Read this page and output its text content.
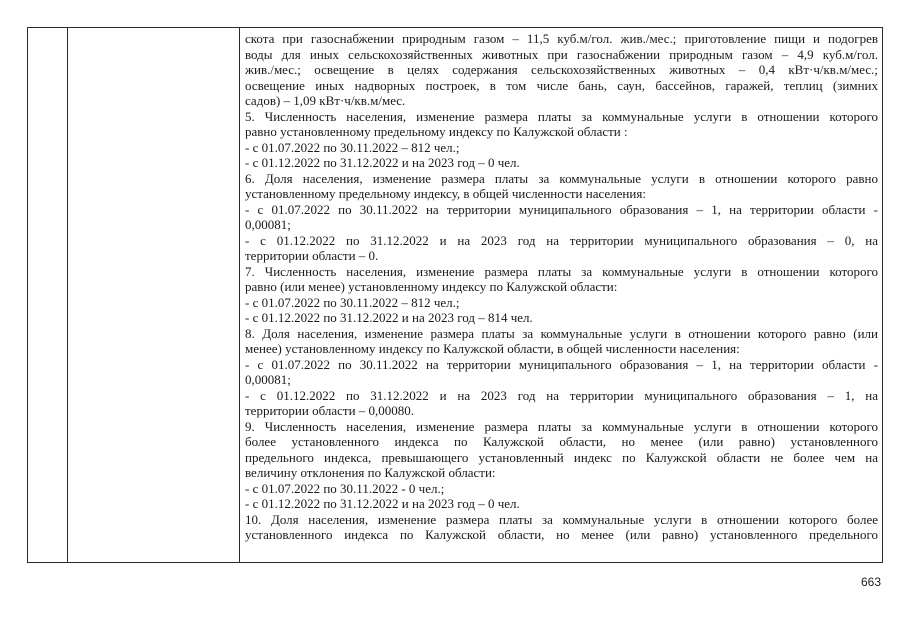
скота при газоснабжении природным газом – 11,5 куб.м/гол. жив./мес.; приготовление пищи и подогрев
воды для иных сельскохозяйственных животных при газоснабжении природным газом – 4,9 куб.м/гол.
жив./мес.; освещение в целях содержания сельскохозяйственных животных – 0,4 кВт·ч/кв.м/мес.;
освещение иных надворных построек, в том числе бань, саун, бассейнов, гаражей, теплиц (зимних
садов) – 1,09 кВт·ч/кв.м/мес.
5. Численность населения, изменение размера платы за коммунальные услуги в отношении которого
равно установленному предельному индексу по Калужской области :
- с 01.07.2022 по 30.11.2022 – 812 чел.;
- с 01.12.2022 по 31.12.2022 и на 2023 год – 0 чел.
6. Доля населения, изменение размера платы за коммунальные услуги в отношении которого равно
установленному предельному индексу, в общей численности населения:
- с 01.07.2022 по 30.11.2022 на территории муниципального образования – 1, на территории области -
0,00081;
- с 01.12.2022 по 31.12.2022 и на 2023 год на территории муниципального образования – 0, на
территории области – 0.
7. Численность населения, изменение размера платы за коммунальные услуги в отношении которого
равно (или менее) установленному индексу по Калужской области:
- с 01.07.2022 по 30.11.2022 – 812 чел.;
- с 01.12.2022 по 31.12.2022 и на 2023 год – 814 чел.
8. Доля населения, изменение размера платы за коммунальные услуги в отношении которого равно (или
менее) установленному индексу по Калужской области, в общей численности населения:
- с 01.07.2022 по 30.11.2022 на территории муниципального образования – 1, на территории области -
0,00081;
- с 01.12.2022 по 31.12.2022 и на 2023 год на территории муниципального образования – 1, на
территории области – 0,00080.
9. Численность населения, изменение размера платы за коммунальные услуги в отношении которого
более установленного индекса по Калужской области, но менее (или равно) установленного
предельного индекса, превышающего установленный индекс по Калужской области не более чем на
величину отклонения по Калужской области:
- с 01.07.2022 по 30.11.2022 - 0 чел.;
- с 01.12.2022 по 31.12.2022 и на 2023 год – 0 чел.
10. Доля населения, изменение размера платы за коммунальные услуги в отношении которого более
установленного индекса по Калужской области, но менее (или равно) установленного предельного
663
